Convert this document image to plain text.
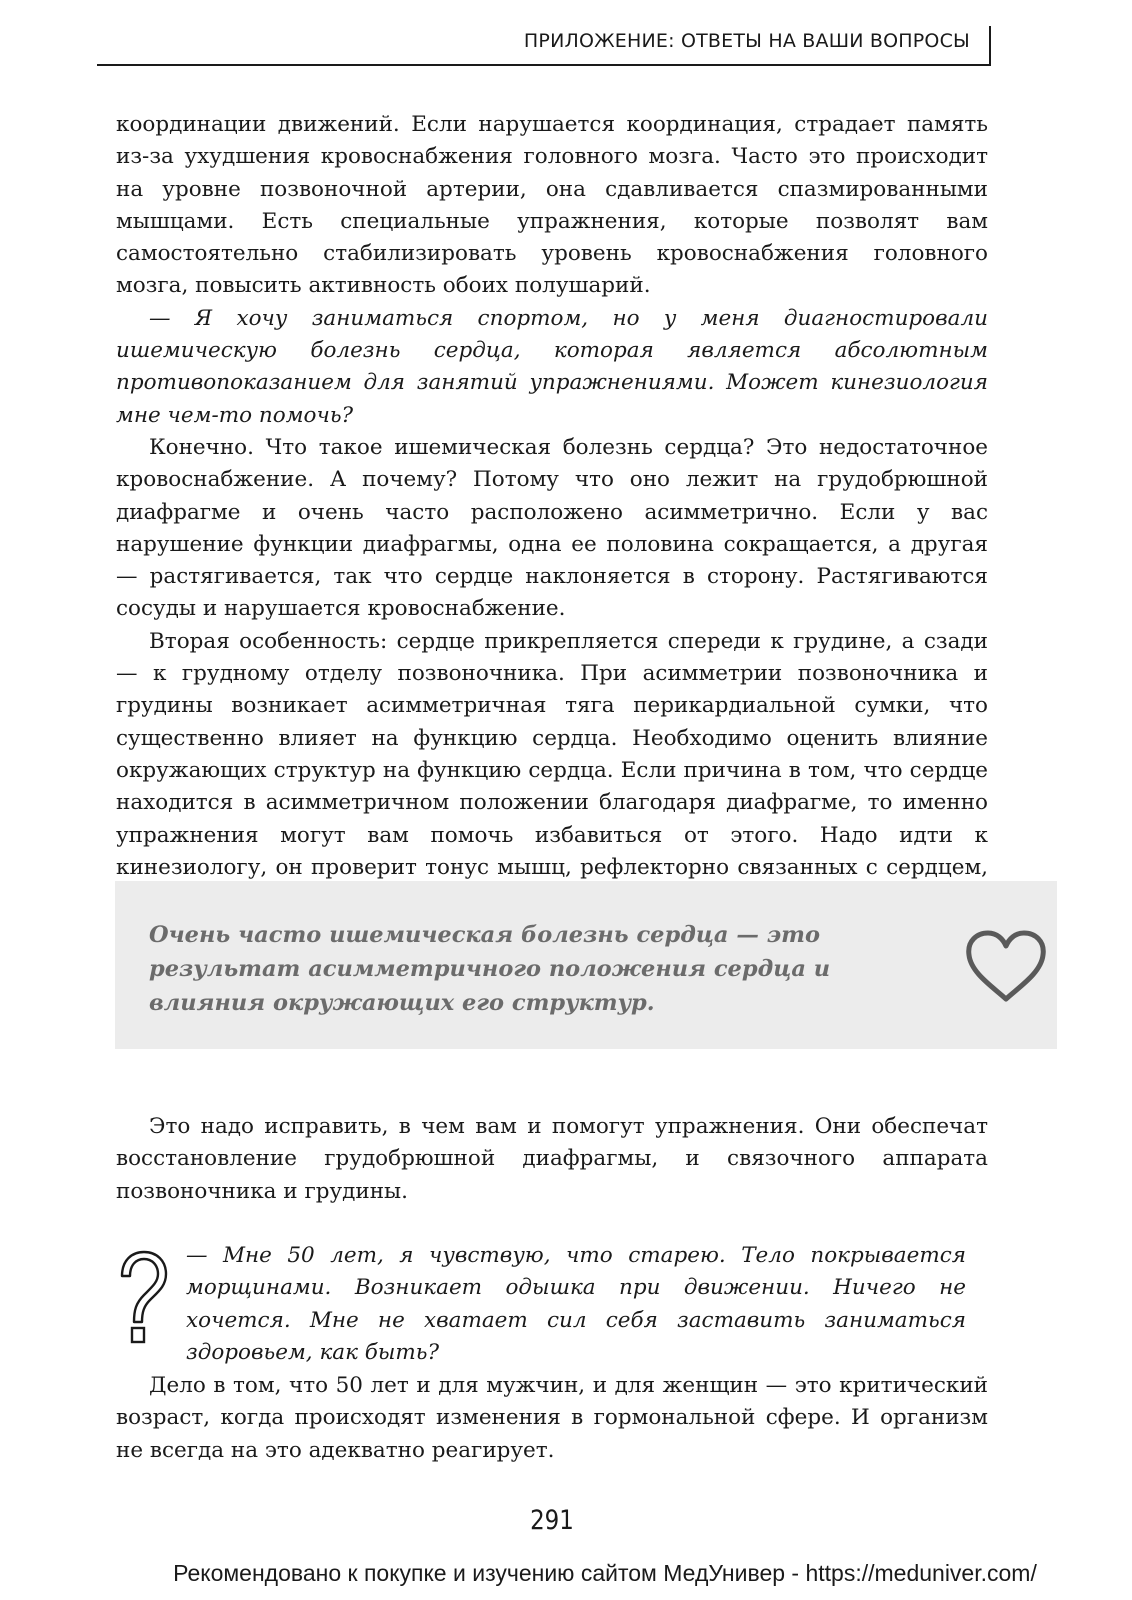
ПРИЛОЖЕНИЕ: ОТВЕТЫ НА ВАШИ ВОПРОСЫ

координации движений. Если нарушается координация, страдает память из-за ухудшения кровоснабжения головного мозга. Часто это происходит на уровне позвоночной артерии, она сдавливается спазмированными мышцами. Есть специальные упражнения, которые позволят вам самостоятельно стабилизировать уровень кровоснабжения головного мозга, повысить активность обоих полушарий.

— Я хочу заниматься спортом, но у меня диагностировали ишемическую болезнь сердца, которая является абсолютным противопоказанием для занятий упражнениями. Может кинезиология мне чем-то помочь?

Конечно. Что такое ишемическая болезнь сердца? Это недостаточное кровоснабжение. А почему? Потому что оно лежит на грудобрюшной диафрагме и очень часто расположено асимметрично. Если у вас нарушение функции диафрагмы, одна ее половина сокращается, а другая — растягивается, так что сердце наклоняется в сторону. Растягиваются сосуды и нарушается кровоснабжение.

Вторая особенность: сердце прикрепляется спереди к грудине, а сзади — к грудному отделу позвоночника. При асимметрии позвоночника и грудины возникает асимметричная тяга перикардиальной сумки, что существенно влияет на функцию сердца. Необходимо оценить влияние окружающих структур на функцию сердца. Если причина в том, что сердце находится в асимметричном положении благодаря диафрагме, то именно упражнения могут вам помочь избавиться от этого. Надо идти к кинезиологу, он проверит тонус мышц, рефлекторно связанных с сердцем,

Очень часто ишемическая болезнь сердца — это результат асимметричного положения сердца и влияния окружающих его структур.

Это надо исправить, в чем вам и помогут упражнения. Они обеспечат восстановление грудобрюшной диафрагмы, и связочного аппарата позвоночника и грудины.

— Мне 50 лет, я чувствую, что старею. Тело покрывается морщинами. Возникает одышка при движении. Ничего не хочется. Мне не хватает сил себя заставить заниматься здоровьем, как быть?

Дело в том, что 50 лет и для мужчин, и для женщин — это критический возраст, когда происходят изменения в гормональной сфере. И организм не всегда на это адекватно реагирует.

291
Рекомендовано к покупке и изучению сайтом МедУнивер - https://meduniver.com/
